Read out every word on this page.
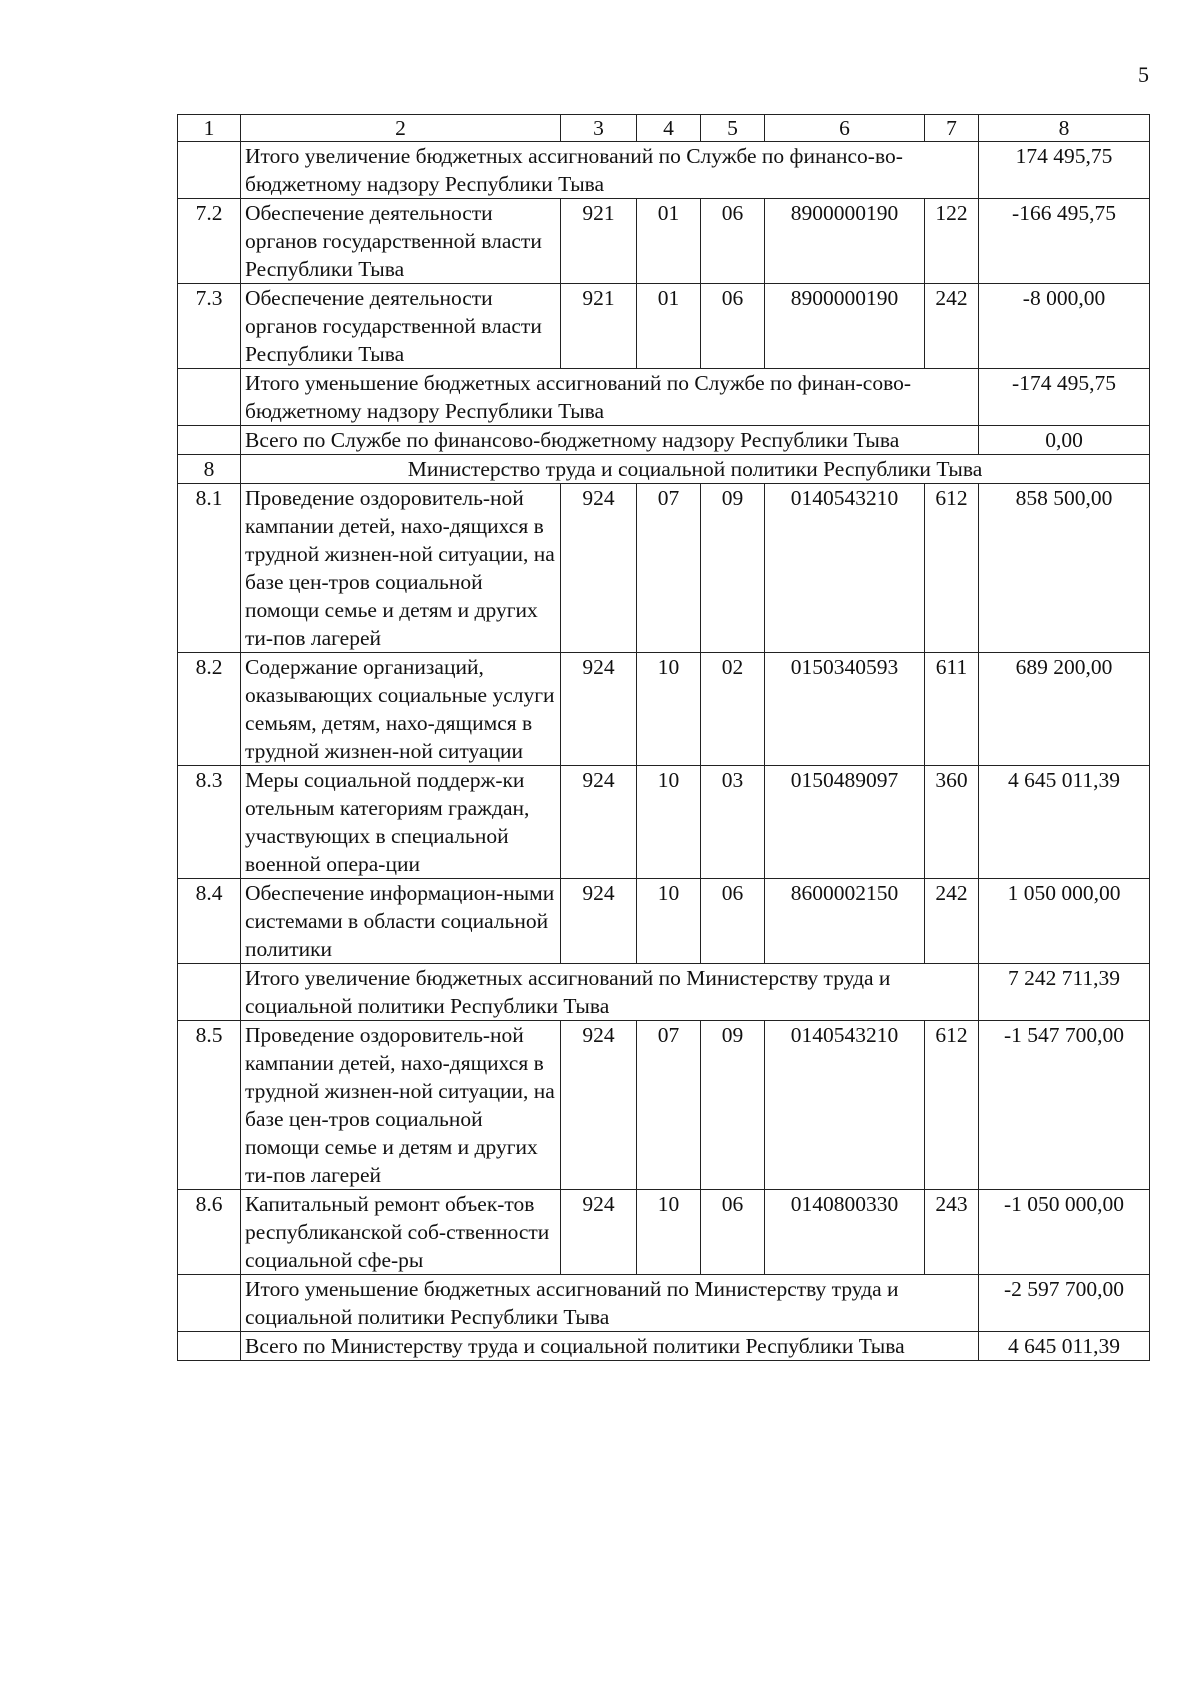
5
1	2	3	4	5	6	7	8
	Итого увеличение бюджетных ассигнований по Службе по финансо-во-бюджетному надзору Республики Тыва						174 495,75
7.2	Обеспечение деятельности органов государственной власти Республики Тыва	921	01	06	8900000190	122	-166 495,75
7.3	Обеспечение деятельности органов государственной власти Республики Тыва	921	01	06	8900000190	242	-8 000,00
	Итого уменьшение бюджетных ассигнований по Службе по финан-сово-бюджетному надзору Республики Тыва						-174 495,75
	Всего по Службе по финансово-бюджетному надзору Республики Тыва						0,00
8	Министерство труда и социальной политики Республики Тыва						
8.1	Проведение оздоровитель-ной кампании детей, нахо-дящихся в трудной жизнен-ной ситуации, на базе цен-тров социальной помощи семье и детям и других ти-пов лагерей	924	07	09	0140543210	612	858 500,00
8.2	Содержание организаций, оказывающих социальные услуги семьям, детям, нахо-дящимся в трудной жизнен-ной ситуации	924	10	02	0150340593	611	689 200,00
8.3	Меры социальной поддерж-ки отельным категориям граждан, участвующих в специальной военной опера-ции	924	10	03	0150489097	360	4 645 011,39
8.4	Обеспечение информацион-ными системами в области социальной политики	924	10	06	8600002150	242	1 050 000,00
	Итого увеличение бюджетных ассигнований по Министерству труда и социальной политики Республики Тыва						7 242 711,39
8.5	Проведение оздоровитель-ной кампании детей, нахо-дящихся в трудной жизнен-ной ситуации, на базе цен-тров социальной помощи семье и детям и других ти-пов лагерей	924	07	09	0140543210	612	-1 547 700,00
8.6	Капитальный ремонт объек-тов республиканской соб-ственности социальной сфе-ры	924	10	06	0140800330	243	-1 050 000,00
	Итого уменьшение бюджетных ассигнований по Министерству труда и социальной политики Республики Тыва						-2 597 700,00
	Всего по Министерству труда и социальной политики Республики Тыва						4 645 011,39
